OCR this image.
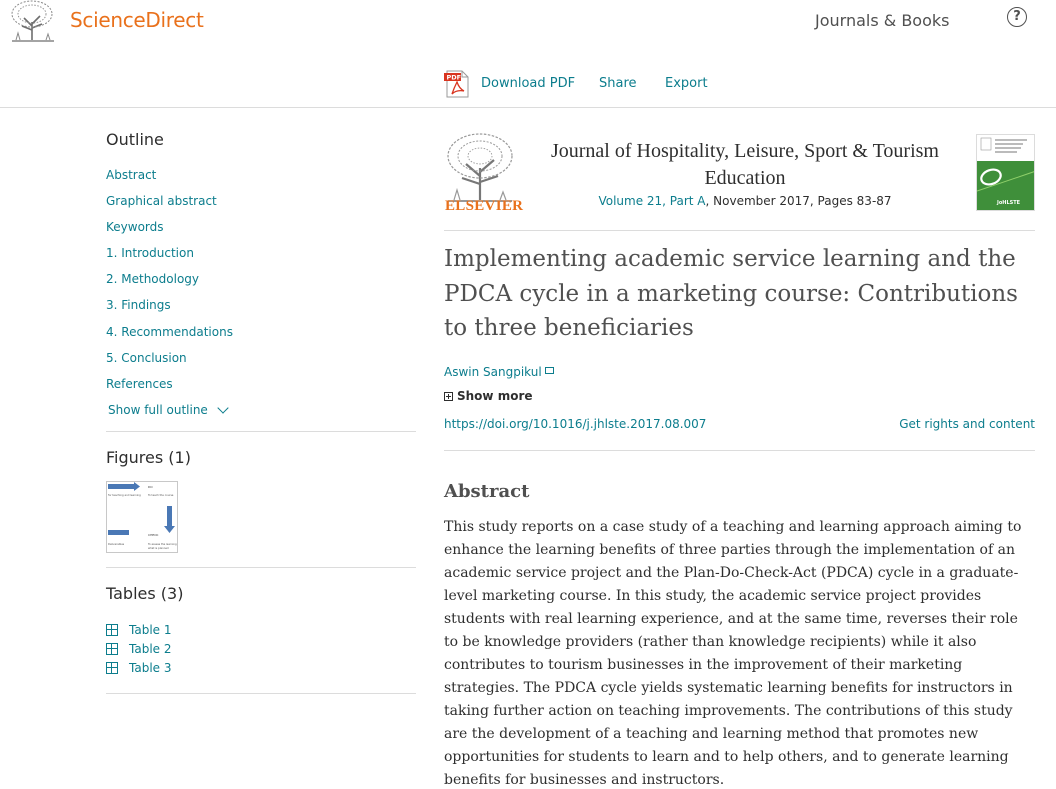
ScienceDirect	Journals & Books	?
PDF Download PDF Share Export
Outline
Abstract
Graphical abstract
Keywords
1. Introduction
2. Methodology
3. Findings
4. Recommendations
5. Conclusion
References
Show full outline
Figures (1)
DO
for teaching and learning	To teach the course
CHECK
Deliverables	To assess the learning
what is planned
Tables (3)
Table 1
Table 2
Table 3
ELSEVIER
Journal of Hospitality, Leisure, Sport & Tourism Education
Volume 21, Part A, November 2017, Pages 83-87	JoHLSTE
Implementing academic service learning and the PDCA cycle in a marketing course: Contributions to three beneficiaries
Aswin Sangpikul
Show more
https://doi.org/10.1016/j.jhlste.2017.08.007	Get rights and content
Abstract

This study reports on a case study of a teaching and learning approach aiming to enhance the learning benefits of three parties through the implementation of an academic service project and the Plan-Do-Check-Act (PDCA) cycle in a graduate-level marketing course. In this study, the academic service project provides students with real learning experience, and at the same time, reverses their role to be knowledge providers (rather than knowledge recipients) while it also contributes to tourism businesses in the improvement of their marketing strategies. The PDCA cycle yields systematic learning benefits for instructors in taking further action on teaching improvements. The contributions of this study are the development of a teaching and learning method that promotes new opportunities for students to learn and to help others, and to generate learning benefits for businesses and instructors.
